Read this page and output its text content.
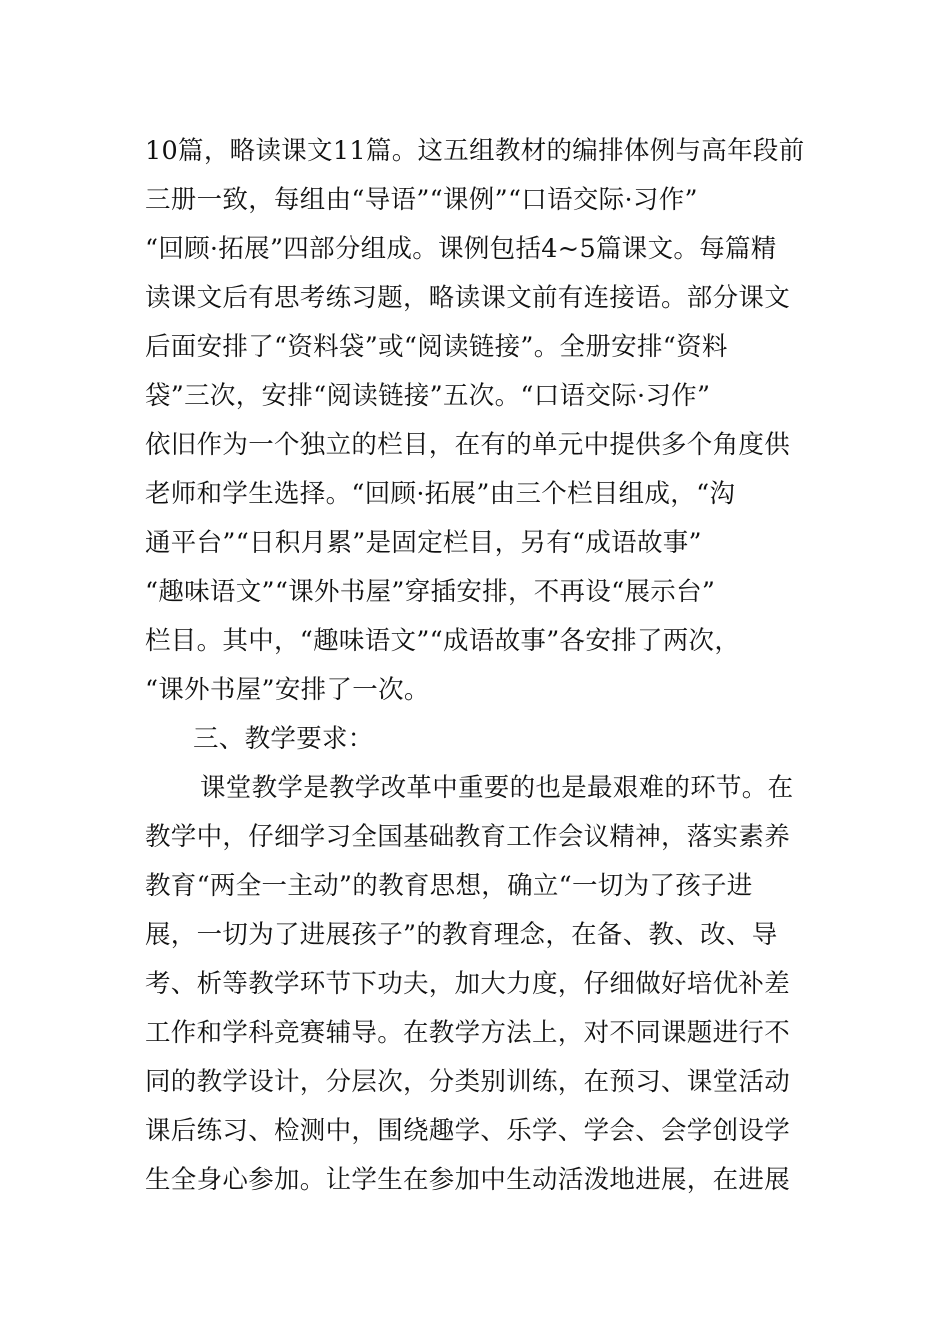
10篇，略读课文11篇。这五组教材的编排体例与高年段前
三册一致，每组由“导语”“课例”“口语交际·习作”
“回顾·拓展”四部分组成。课例包括4~5篇课文。每篇精
读课文后有思考练习题，略读课文前有连接语。部分课文
后面安排了“资料袋”或“阅读链接”。全册安排“资料
袋”三次，安排“阅读链接”五次。“口语交际·习作”
依旧作为一个独立的栏目，在有的单元中提供多个角度供
老师和学生选择。“回顾·拓展”由三个栏目组成，“沟
通平台”“日积月累”是固定栏目，另有“成语故事”
“趣味语文”“课外书屋”穿插安排，不再设“展示台”
栏目。其中，“趣味语文”“成语故事”各安排了两次，
“课外书屋”安排了一次。
三、教学要求：
课堂教学是教学改革中重要的也是最艰难的环节。在
教学中，仔细学习全国基础教育工作会议精神，落实素养
教育“两全一主动”的教育思想，确立“一切为了孩子进
展，一切为了进展孩子”的教育理念，在备、教、改、导
考、析等教学环节下功夫，加大力度，仔细做好培优补差
工作和学科竞赛辅导。在教学方法上，对不同课题进行不
同的教学设计，分层次，分类别训练，在预习、课堂活动
课后练习、检测中，围绕趣学、乐学、学会、会学创设学
生全身心参加。让学生在参加中生动活泼地进展，在进展
